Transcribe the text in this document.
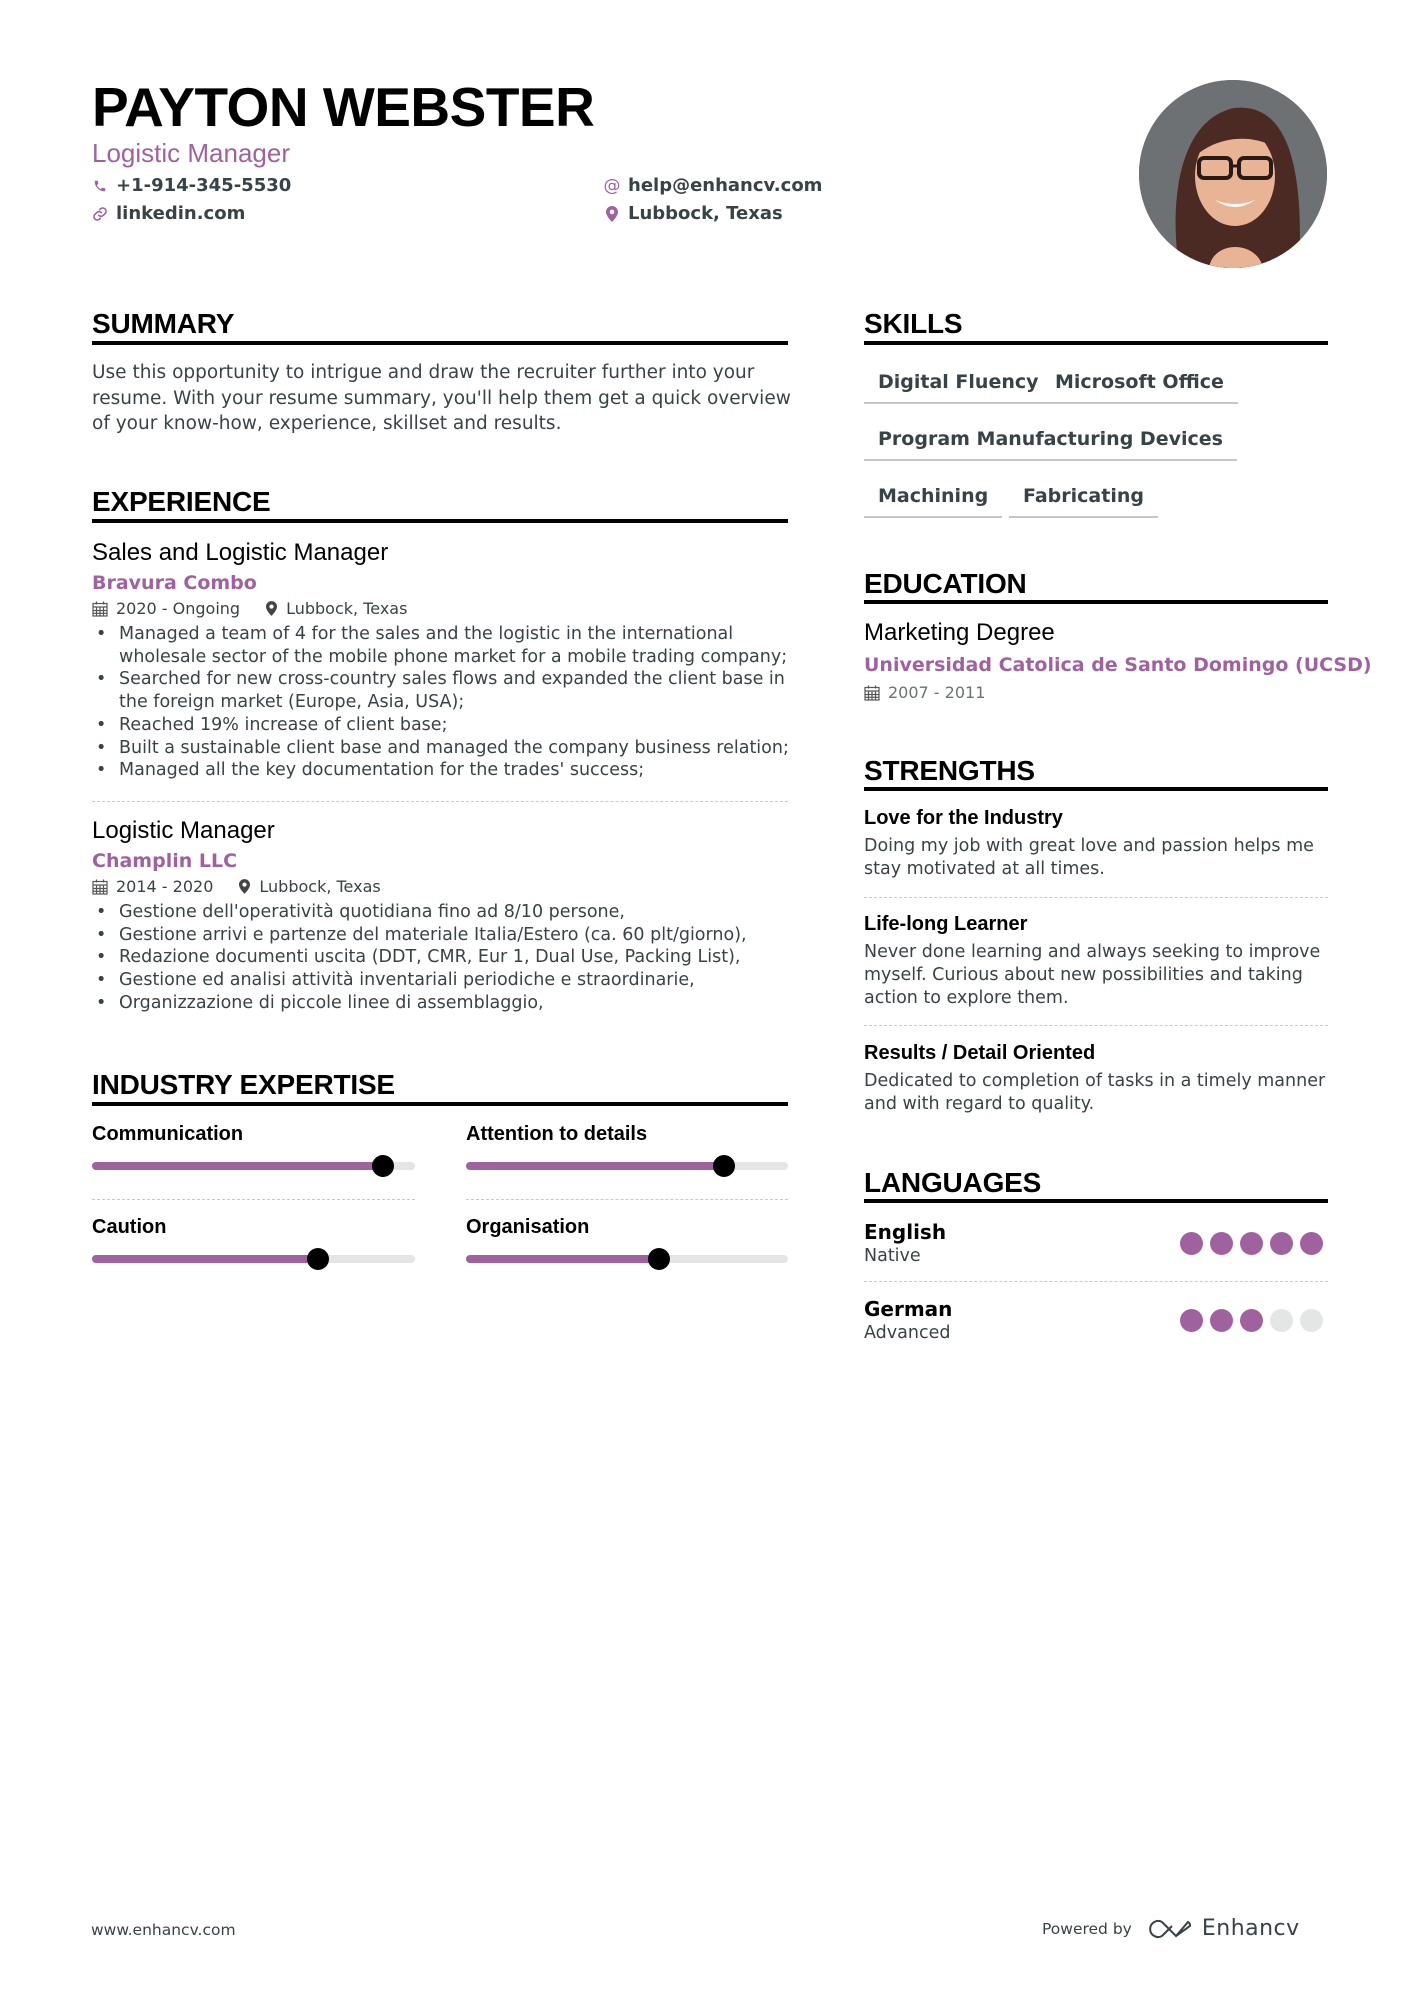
PAYTON WEBSTER
Logistic Manager
+1-914-345-5530
linkedin.com
@ help@enhancv.com
Lubbock, Texas
SUMMARY
Use this opportunity to intrigue and draw the recruiter further into your resume. With your resume summary, you'll help them get a quick overview of your know-how, experience, skillset and results.
EXPERIENCE
Sales and Logistic Manager
Bravura Combo
2020 - Ongoing	Lubbock, Texas
• Managed a team of 4 for the sales and the logistic in the international wholesale sector of the mobile phone market for a mobile trading company;
• Searched for new cross-country sales flows and expanded the client base in the foreign market (Europe, Asia, USA);
• Reached 19% increase of client base;
• Built a sustainable client base and managed the company business relation;
• Managed all the key documentation for the trades' success;
Logistic Manager
Champlin LLC
2014 - 2020	Lubbock, Texas
• Gestione dell'operatività quotidiana fino ad 8/10 persone,
• Gestione arrivi e partenze del materiale Italia/Estero (ca. 60 plt/giorno),
• Redazione documenti uscita (DDT, CMR, Eur 1, Dual Use, Packing List),
• Gestione ed analisi attività inventariali periodiche e straordinarie,
• Organizzazione di piccole linee di assemblaggio,
INDUSTRY EXPERTISE
Communication	Attention to details
Caution	Organisation
SKILLS
Digital Fluency Microsoft Office
Program Manufacturing Devices
Machining	Fabricating
EDUCATION
Marketing Degree
Universidad Catolica de Santo Domingo (UCSD)
2007 - 2011
STRENGTHS
Love for the Industry
Doing my job with great love and passion helps me stay motivated at all times.
Life-long Learner
Never done learning and always seeking to improve myself. Curious about new possibilities and taking action to explore them.
Results / Detail Oriented
Dedicated to completion of tasks in a timely manner and with regard to quality.
LANGUAGES
English
Native
German
Advanced
www.enhancv.com	Powered by	Enhancv
